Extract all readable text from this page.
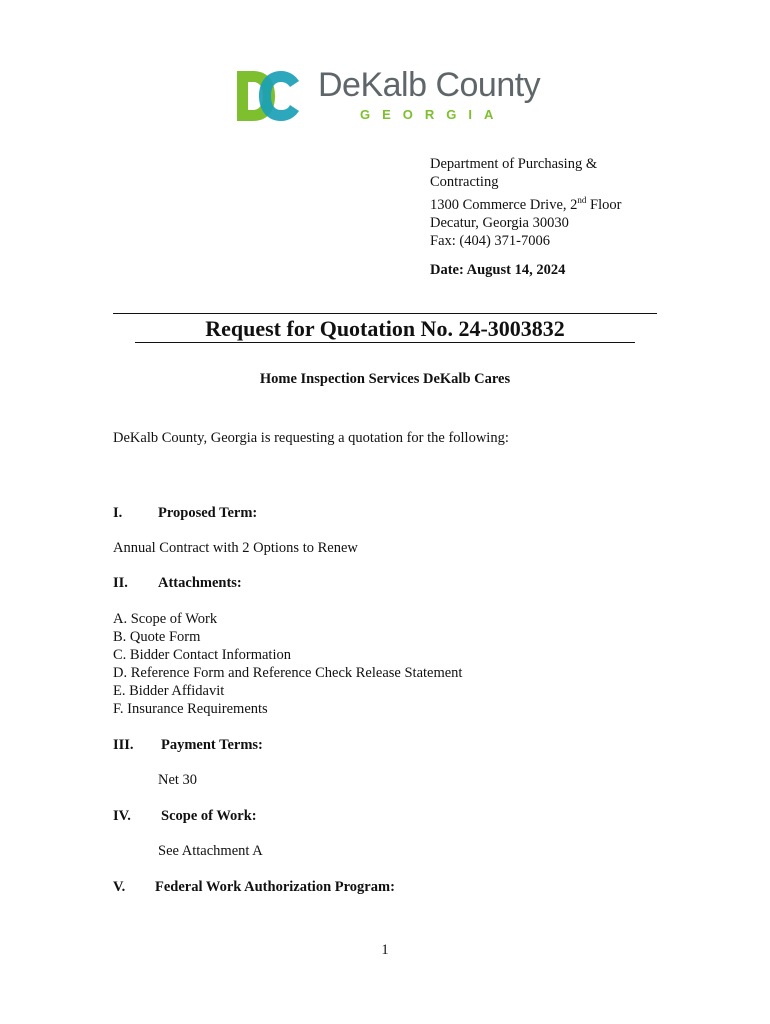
DeKalb County
GEORGIA
Department of Purchasing &
Contracting
1300 Commerce Drive, 2nd Floor
Decatur, Georgia 30030
Fax: (404) 371-7006
Date: August 14, 2024
Request for Quotation No. 24-3003832
Home Inspection Services DeKalb Cares
DeKalb County, Georgia is requesting a quotation for the following:
I. Proposed Term:
Annual Contract with 2 Options to Renew
II. Attachments:
A. Scope of Work
B. Quote Form
C. Bidder Contact Information
D. Reference Form and Reference Check Release Statement
E. Bidder Affidavit
F. Insurance Requirements
III. Payment Terms:
Net 30
IV. Scope of Work:
See Attachment A
V. Federal Work Authorization Program:
1
